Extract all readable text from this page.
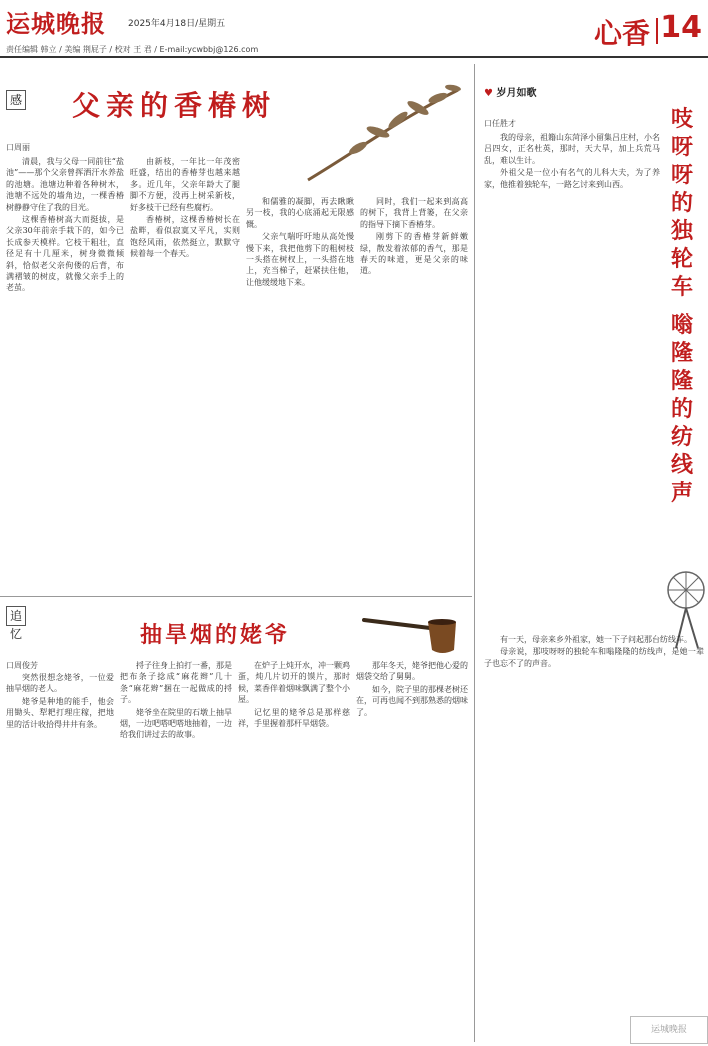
运城晚报 2025年4月18日/星期五
责任编辑 韩立 / 美编 荆屁子 / 校对 王 君 / E-mail:ycwbbj@126.com	心香 14
感 父亲的香椿树
口周丽

清晨，我与父母一同前往“盐池”——那个父亲曾挥洒汗水养盐的池塘。池塘边种着各种树木，池塘不远处的墙角边，一棵香椿树静静守住了我的目光。

这棵香椿树高大而挺拔，是父亲30年前亲手栽下的，如今已长成参天模样。它枝干粗壮，直径足有十几厘米，树身微微倾斜，恰似老父亲佝偻的后背，布满褶皱的树皮，就像父亲手上的老茧。

由新枝，一年比一年茂密旺盛，结出的香椿芽也越来越多。近几年，父亲年龄大了腿脚不方便，没再上树采新枝，好多枝干已经有些腐朽。

香椿树，这棵香椿树长在盐畔，看似寂寞又平凡，实则饱经风雨，依然挺立，默默守候着每一个春天。

和儒雅的凝脚，再去瞅瞅另一枝，我的心底涌起无限感慨。

父亲气喘吁吁地从高处慢慢下来，我把他剪下的粗树枝一头搭在树杈上，一头搭在地上，充当梯子，赶紧扶住他，让他缓缓地下来。

同时，我们一起来到高高的树下，我背上背篓，在父亲的指导下摘下香椿芽。

刚剪下的香椿芽新鲜嫩绿，散发着浓郁的香气，那是春天的味道，更是父亲的味道。

追忆	抽旱烟的姥爷
口周俊芳

突然很想念姥爷，一位爱抽旱烟的老人。

姥爷是种地的能手，他会用锄头、犁耙打理庄稼，把地里的活计收拾得井井有条。

捋子往身上拍打一番，那是把布条子捻成“麻花辫”几十条“麻花辫”捆在一起做成的捋子。

姥爷坐在院里的石墩上抽旱烟，一边吧嗒吧嗒地抽着，一边给我们讲过去的故事。

在炉子上炖开水，冲一颗鸡蛋，炖几片切开的馍片，那时候，菜香伴着烟味飘满了整个小屋。

记忆里的姥爷总是那样慈祥，手里握着那杆旱烟袋。

那年冬天，姥爷把他心爱的烟袋交给了舅舅。

如今，院子里的那棵老树还在，可再也闻不到那熟悉的烟味了。

♥ 岁月如歌
口任胜才	吱呀呀的独轮车
嗡隆隆的纺线声

我的母亲，祖籍山东菏泽小留集吕庄村，小名吕四女，正名杜英，那时，天大旱，加上兵荒马乱，难以生计。

外祖父是一位小有名气的儿科大夫，为了养家，他推着独轮车，一路乞讨来到山西。

有一天，母亲来乡外祖家，她一下子问起那台纺线车。

母亲说，那吱呀呀的独轮车和嗡隆隆的纺线声，是她一辈子也忘不了的声音。

运城晚报
